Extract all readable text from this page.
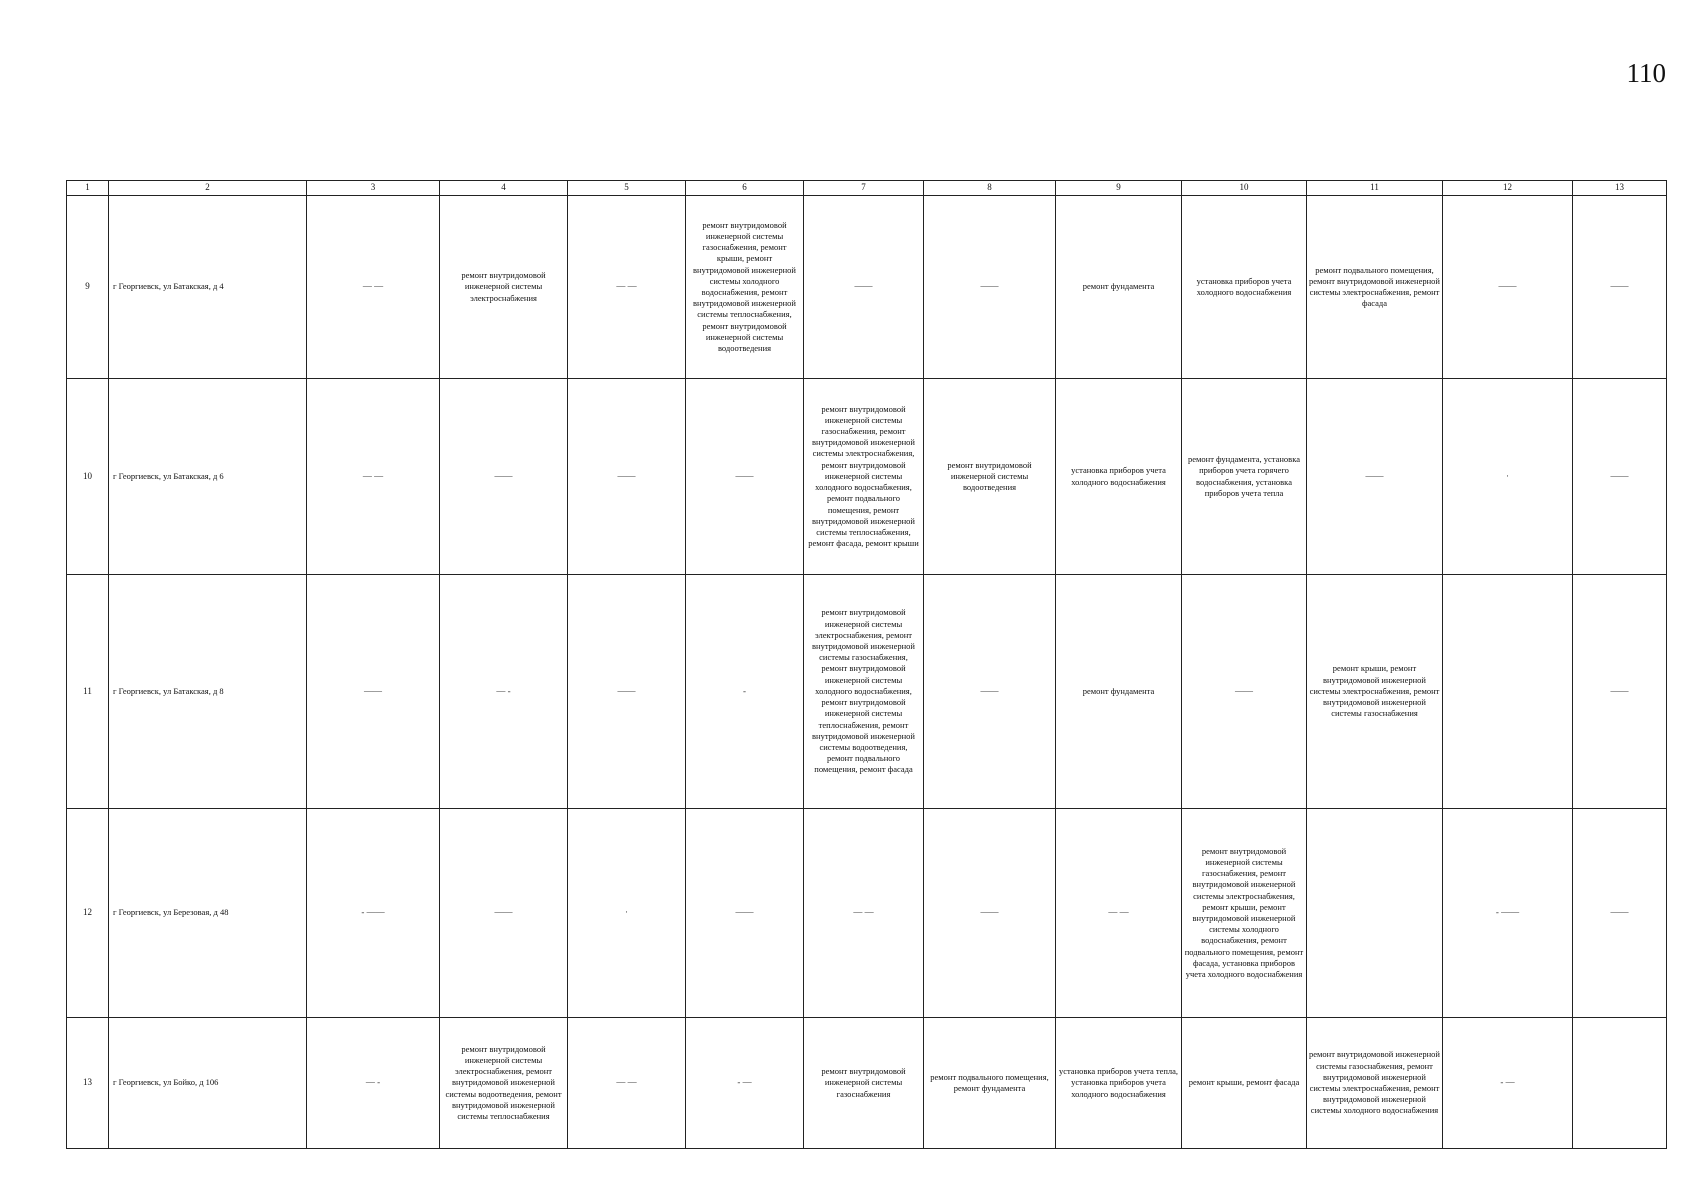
110
1	2	3	4	5	6	7	8	9	10	11	12	13
9	г Георгиевск, ул Батакская, д 4	— —	ремонт внутридомовой инженерной системы электроснабжения	— —	ремонт внутридомовой инженерной системы газоснабжения, ремонт крыши, ремонт внутридомовой инженерной системы холодного водоснабжения, ремонт внутридомовой инженерной системы теплоснабжения, ремонт внутридомовой инженерной системы водоотведения	——	——	ремонт фундамента	установка приборов учета холодного водоснабжения	ремонт подвального помещения, ремонт внутридомовой инженерной системы электроснабжения, ремонт фасада	——	——
10	г Георгиевск, ул Батакская, д 6	— —	——	——	——	ремонт внутридомовой инженерной системы газоснабжения, ремонт внутридомовой инженерной системы электроснабжения, ремонт внутридомовой инженерной системы холодного водоснабжения, ремонт подвального помещения, ремонт внутридомовой инженерной системы теплоснабжения, ремонт фасада, ремонт крыши	ремонт внутридомовой инженерной системы водоотведения	установка приборов учета холодного водоснабжения	ремонт фундамента, установка приборов учета горячего водоснабжения, установка приборов учета тепла	——	·	——
11	г Георгиевск, ул Батакская, д 8	——	— -	——	-	ремонт внутридомовой инженерной системы электроснабжения, ремонт внутридомовой инженерной системы газоснабжения, ремонт внутридомовой инженерной системы холодного водоснабжения, ремонт внутридомовой инженерной системы теплоснабжения, ремонт внутридомовой инженерной системы водоотведения, ремонт подвального помещения, ремонт фасада	——	ремонт фундамента	——	ремонт крыши, ремонт внутридомовой инженерной системы электроснабжения, ремонт внутридомовой инженерной системы газоснабжения		——
12	г Георгиевск, ул Березовая, д 48	- ——	——	·	——	— —	——	— —	ремонт внутридомовой инженерной системы газоснабжения, ремонт внутридомовой инженерной системы электроснабжения, ремонт крыши, ремонт внутридомовой инженерной системы холодного водоснабжения, ремонт подвального помещения, ремонт фасада, установка приборов учета холодного водоснабжения		- ——	——
13	г Георгиевск, ул Бойко, д 106	— -	ремонт внутридомовой инженерной системы электроснабжения, ремонт внутридомовой инженерной системы водоотведения, ремонт внутридомовой инженерной системы теплоснабжения	— —	- —	ремонт внутридомовой инженерной системы газоснабжения	ремонт подвального помещения, ремонт фундамента	установка приборов учета тепла, установка приборов учета холодного водоснабжения	ремонт крыши, ремонт фасада	ремонт внутридомовой инженерной системы газоснабжения, ремонт внутридомовой инженерной системы электроснабжения, ремонт внутридомовой инженерной системы холодного водоснабжения	- —	
